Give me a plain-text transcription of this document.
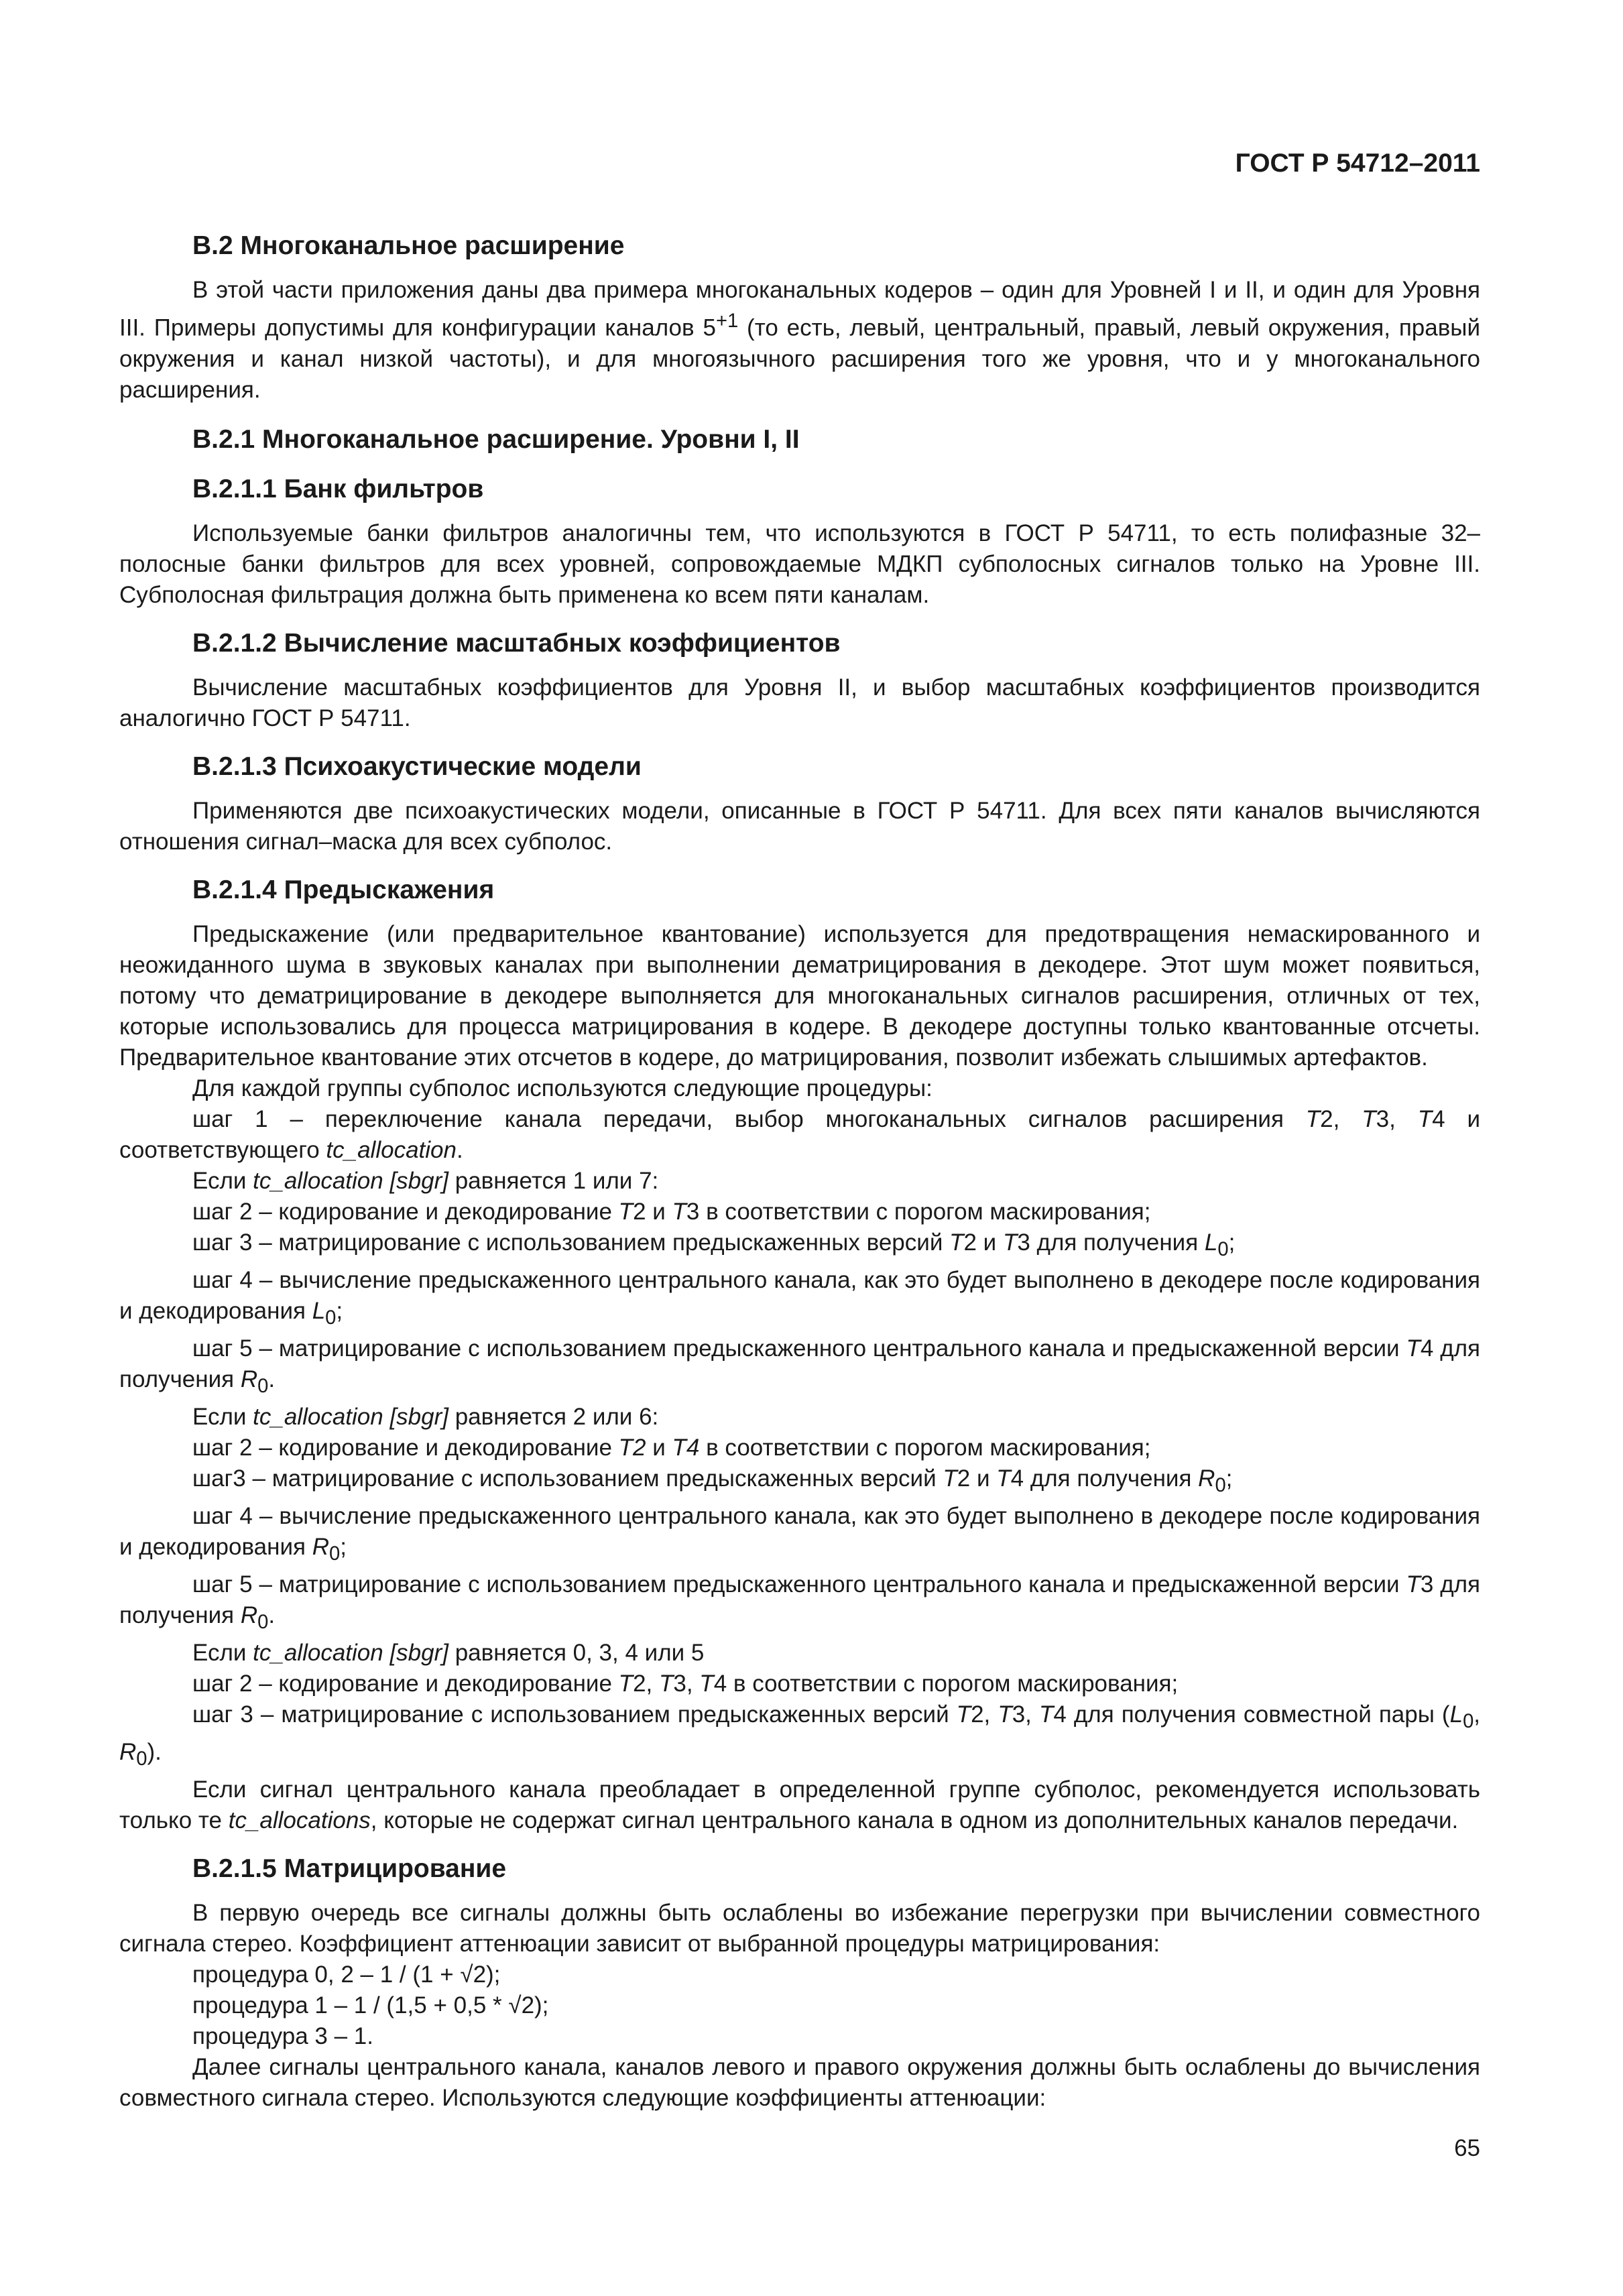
ГОСТ Р 54712–2011
В.2 Многоканальное расширение

В этой части приложения даны два примера многоканальных кодеров – один для Уровней I и II, и один для Уровня III. Примеры допустимы для конфигурации каналов $5^{+1}$ (то есть, левый, центральный, правый, левый окружения, правый окружения и канал низкой частоты), и для многоязычного расширения того же уровня, что и у многоканального расширения.

В.2.1 Многоканальное расширение. Уровни I, II
В.2.1.1 Банк фильтров

Используемые банки фильтров аналогичны тем, что используются в ГОСТ Р 54711, то есть полифазные 32–полосные банки фильтров для всех уровней, сопровождаемые МДКП субполосных сигналов только на Уровне III. Субполосная фильтрация должна быть применена ко всем пяти каналам.

В.2.1.2 Вычисление масштабных коэффициентов

Вычисление масштабных коэффициентов для Уровня II, и выбор масштабных коэффициентов производится аналогично ГОСТ Р 54711.

В.2.1.3 Психоакустические модели

Применяются две психоакустических модели, описанные в ГОСТ Р 54711. Для всех пяти каналов вычисляются отношения сигнал–маска для всех субполос.

В.2.1.4 Предыскажения

Предыскажение (или предварительное квантование) используется для предотвращения немаскированного и неожиданного шума в звуковых каналах при выполнении дематрицирования в декодере. Этот шум может появиться, потому что дематрицирование в декодере выполняется для многоканальных сигналов расширения, отличных от тех, которые использовались для процесса матрицирования в кодере. В декодере доступны только квантованные отсчеты. Предварительное квантование этих отсчетов в кодере, до матрицирования, позволит избежать слышимых артефактов.

Для каждой группы субполос используются следующие процедуры:

шаг 1 – переключение канала передачи, выбор многоканальных сигналов расширения Т2, Т3, Т4 и соответствующего tc_allocation.

Если tc_allocation [sbgr] равняется 1 или 7:

шаг 2 – кодирование и декодирование Т2 и Т3 в соответствии с порогом маскирования;

шаг 3 – матрицирование с использованием предыскаженных версий Т2 и Т3 для получения $L_0$;

шаг 4 – вычисление предыскаженного центрального канала, как это будет выполнено в декодере после кодирования и декодирования $L_0$;

шаг 5 – матрицирование с использованием предыскаженного центрального канала и предыскаженной версии Т4 для получения $R_0$.

Если tc_allocation [sbgr] равняется 2 или 6:

шаг 2 – кодирование и декодирование Т2 и Т4 в соответствии с порогом маскирования;

шаг3 – матрицирование с использованием предыскаженных версий Т2 и Т4 для получения $R_0$;

шаг 4 – вычисление предыскаженного центрального канала, как это будет выполнено в декодере после кодирования и декодирования $R_0$;

шаг 5 – матрицирование с использованием предыскаженного центрального канала и предыскаженной версии Т3 для получения $R_0$.

Если tc_allocation [sbgr] равняется 0, 3, 4 или 5

шаг 2 – кодирование и декодирование Т2, Т3, Т4 в соответствии с порогом маскирования;

шаг 3 – матрицирование с использованием предыскаженных версий Т2, Т3, Т4 для получения совместной пары ($L_0$, $R_0$).

Если сигнал центрального канала преобладает в определенной группе субполос, рекомендуется использовать только те tc_allocations, которые не содержат сигнал центрального канала в одном из дополнительных каналов передачи.

В.2.1.5 Матрицирование

В первую очередь все сигналы должны быть ослаблены во избежание перегрузки при вычислении совместного сигнала стерео. Коэффициент аттенюации зависит от выбранной процедуры матрицирования:

процедура 0, 2 – 1 / (1 + √2);

процедура 1 – 1 / (1,5 + 0,5 * √2);

процедура 3 – 1.

Далее сигналы центрального канала, каналов левого и правого окружения должны быть ослаблены до вычисления совместного сигнала стерео. Используются следующие коэффициенты аттенюации:

65
